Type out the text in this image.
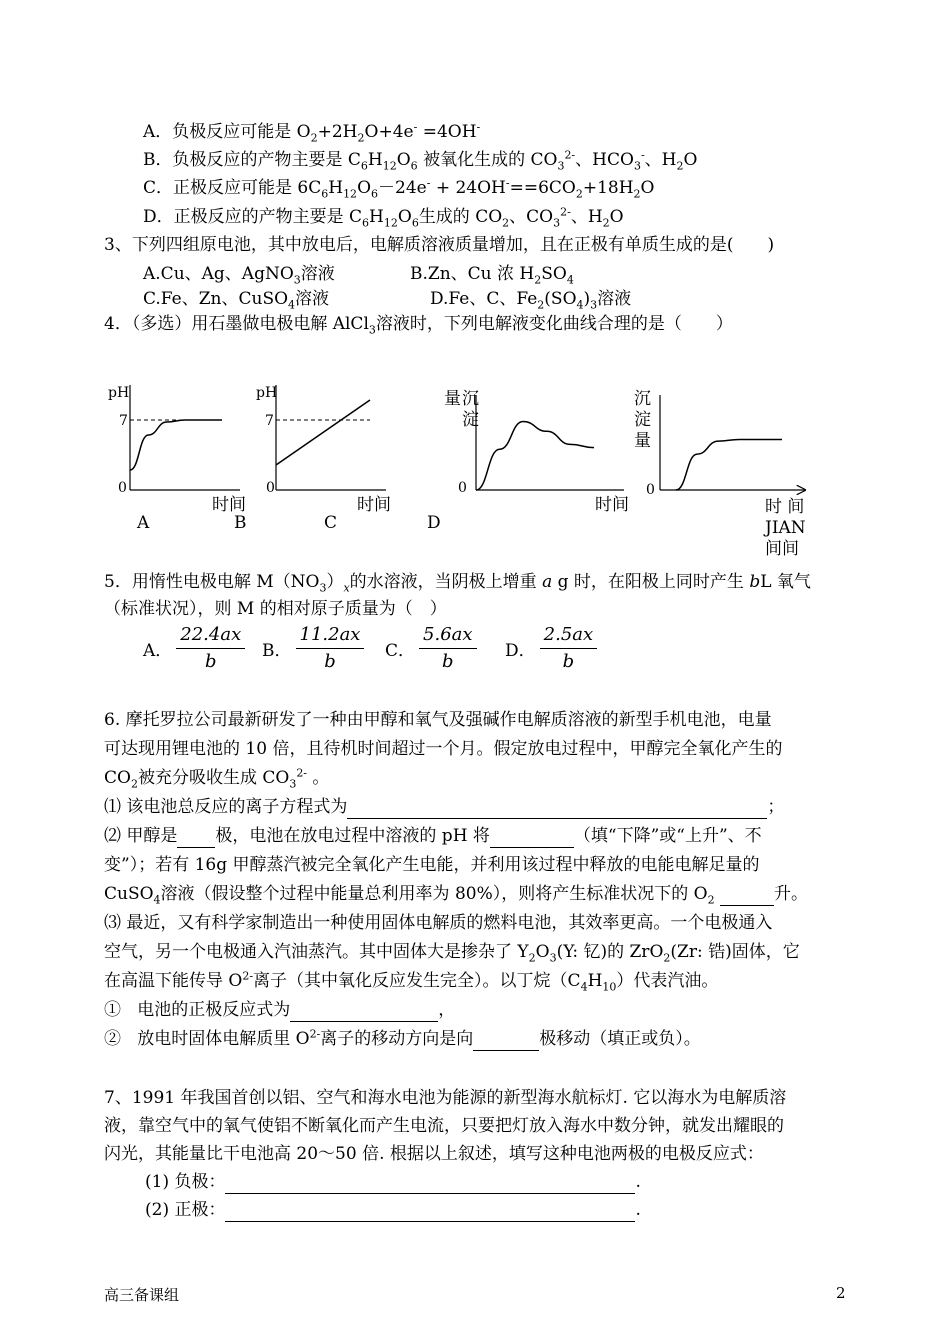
A．负极反应可能是 $O_2+2H_2O+4e^- =4OH^-$
B．负极反应的产物主要是 $C_6H_{12}O_6$ 被氧化生成的 $CO_3^{2-}$、$HCO_3^-$、$H_2O$
C．正极反应可能是 $6C_6H_{12}O_6-24e^- + 24OH^-==6CO_2+18H_2O$
D．正极反应的产物主要是 $C_6H_{12}O_6$生成的 $CO_2$、$CO_3^{2-}$、$H_2O$
3、下列四组原电池，其中放电后，电解质溶液质量增加，且在正极有单质生成的是(　　)
A.Cu、Ag、AgNO$_3$溶液	B.Zn、Cu 浓 $H_2SO_4$
C.Fe、Zn、CuSO$_4$溶液	D.Fe、C、$Fe_2(SO_4)_3$溶液
4．（多选）用石墨做电极电解 AlCl$_3$溶液时，下列电解液变化曲线合理的是（　　）
pH
7
0
时间
A
pH
7
0
时间
B
量 沉
淀
0
时间
C
沉
淀
量
0
时 间
JIAN
间间
D
5．用惰性电极电解 $M(NO_3)_x$的水溶液，当阴极上增重 a g 时，在阳极上同时产生 bL 氧气
（标准状况），则 M 的相对原子质量为（　）
A． $\frac{22.4ax}{b}$ B． $\frac{11.2ax}{b}$ C． $\frac{5.6ax}{b}$ D． $\frac{2.5ax}{b}$
6. 摩托罗拉公司最新研发了一种由甲醇和氧气及强碱作电解质溶液的新型手机电池，电量
可达现用锂电池的 10 倍，且待机时间超过一个月。假定放电过程中，甲醇完全氧化产生的
$CO_2$被充分吸收生成 $CO_3^{2-}$ 。
⑴ 该电池总反应的离子方程式为	；
⑵ 甲醇是 极，电池在放电过程中溶液的 pH 将	（填“下降”或“上升”、不
变”）；若有 16g 甲醇蒸汽被完全氧化产生电能，并利用该过程中释放的电能电解足量的
CuSO$_4$溶液（假设整个过程中能量总利用率为 80%），则将产生标准状况下的 $O_2$	升。
⑶ 最近，又有科学家制造出一种使用固体电解质的燃料电池，其效率更高。一个电极通入
空气，另一个电极通入汽油蒸汽。其中固体大是掺杂了 $Y_2O_3(Y$: 钇)的 ZrO$_2$(Zr: 锆)固体，它
在高温下能传导 $O^{2-}$离子（其中氧化反应发生完全）。以丁烷$(C_4H_{10})$代表汽油。
① 电池的正极反应式为	，
② 放电时固体电解质里 $O^{2-}$离子的移动方向是向	极移动（填正或负）。
7、1991 年我国首创以铝、空气和海水电池为能源的新型海水航标灯. 它以海水为电解质溶
液，靠空气中的氧气使铝不断氧化而产生电流，只要把灯放入海水中数分钟，就发出耀眼的
闪光，其能量比干电池高 20～50 倍. 根据以上叙述，填写这种电池两极的电极反应式：
(1) 负极：	.
(2) 正极：	.
高三备课组	2
